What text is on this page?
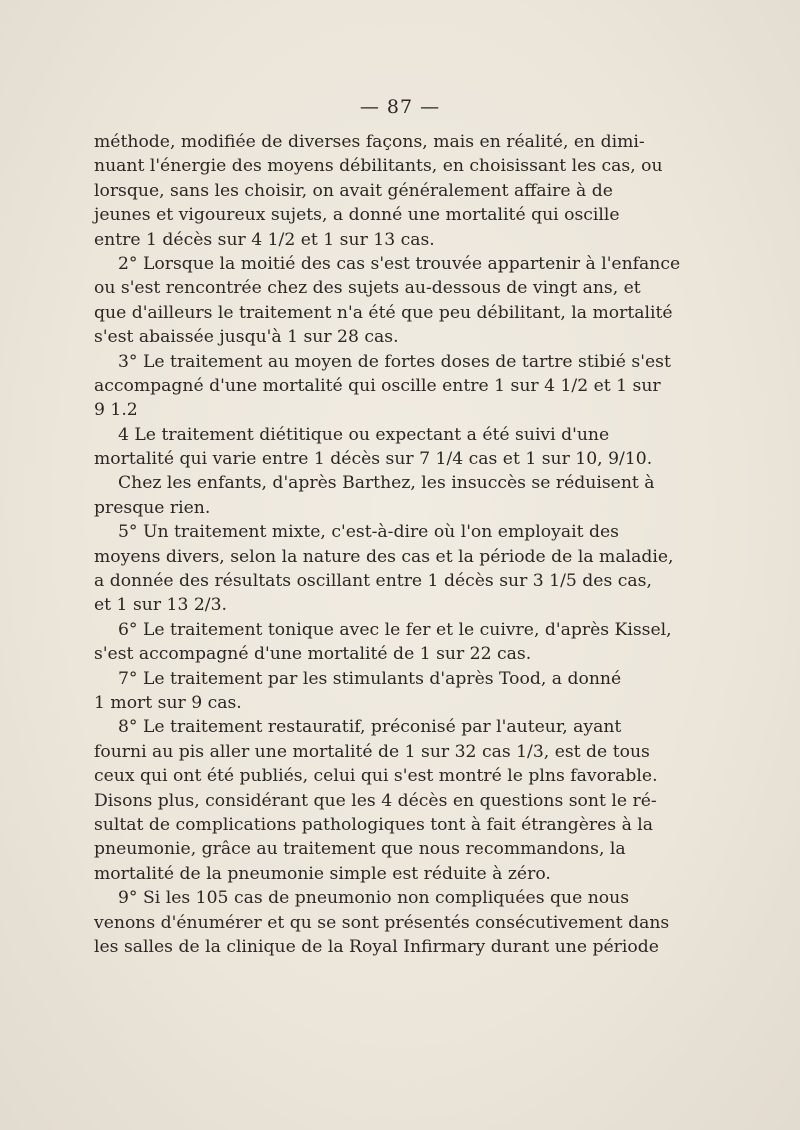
— 87 —
méthode, modifiée de diverses façons, mais en réalité, en dimi-
nuant l'énergie des moyens débilitants, en choisissant les cas, ou
lorsque, sans les choisir, on avait généralement affaire à de
jeunes et vigoureux sujets, a donné une mortalité qui oscille
entre 1 décès sur 4 1/2 et 1 sur 13 cas.
2° Lorsque la moitié des cas s'est trouvée appartenir à l'enfance
ou s'est rencontrée chez des sujets au-dessous de vingt ans, et
que d'ailleurs le traitement n'a été que peu débilitant, la mortalité
s'est abaissée jusqu'à 1 sur 28 cas.
3° Le traitement au moyen de fortes doses de tartre stibié s'est
accompagné d'une mortalité qui oscille entre 1 sur 4 1/2 et 1 sur
9 1.2
4 Le traitement diétitique ou expectant a été suivi d'une
mortalité qui varie entre 1 décès sur 7 1/4 cas et 1 sur 10, 9/10.
Chez les enfants, d'après Barthez, les insuccès se réduisent à
presque rien.
5° Un traitement mixte, c'est-à-dire où l'on employait des
moyens divers, selon la nature des cas et la période de la maladie,
a donnée des résultats oscillant entre 1 décès sur 3 1/5 des cas,
et 1 sur 13 2/3.
6° Le traitement tonique avec le fer et le cuivre, d'après Kissel,
s'est accompagné d'une mortalité de 1 sur 22 cas.
7° Le traitement par les stimulants d'après Tood, a donné
1 mort sur 9 cas.
8° Le traitement restauratif, préconisé par l'auteur, ayant
fourni au pis aller une mortalité de 1 sur 32 cas 1/3, est de tous
ceux qui ont été publiés, celui qui s'est montré le plns favorable.
Disons plus, considérant que les 4 décès en questions sont le ré-
sultat de complications pathologiques tont à fait étrangères à la
pneumonie, grâce au traitement que nous recommandons, la
mortalité de la pneumonie simple est réduite à zéro.
9° Si les 105 cas de pneumonio non compliquées que nous
venons d'énumérer et qu se sont présentés consécutivement dans
les salles de la clinique de la Royal Infirmary durant une période
